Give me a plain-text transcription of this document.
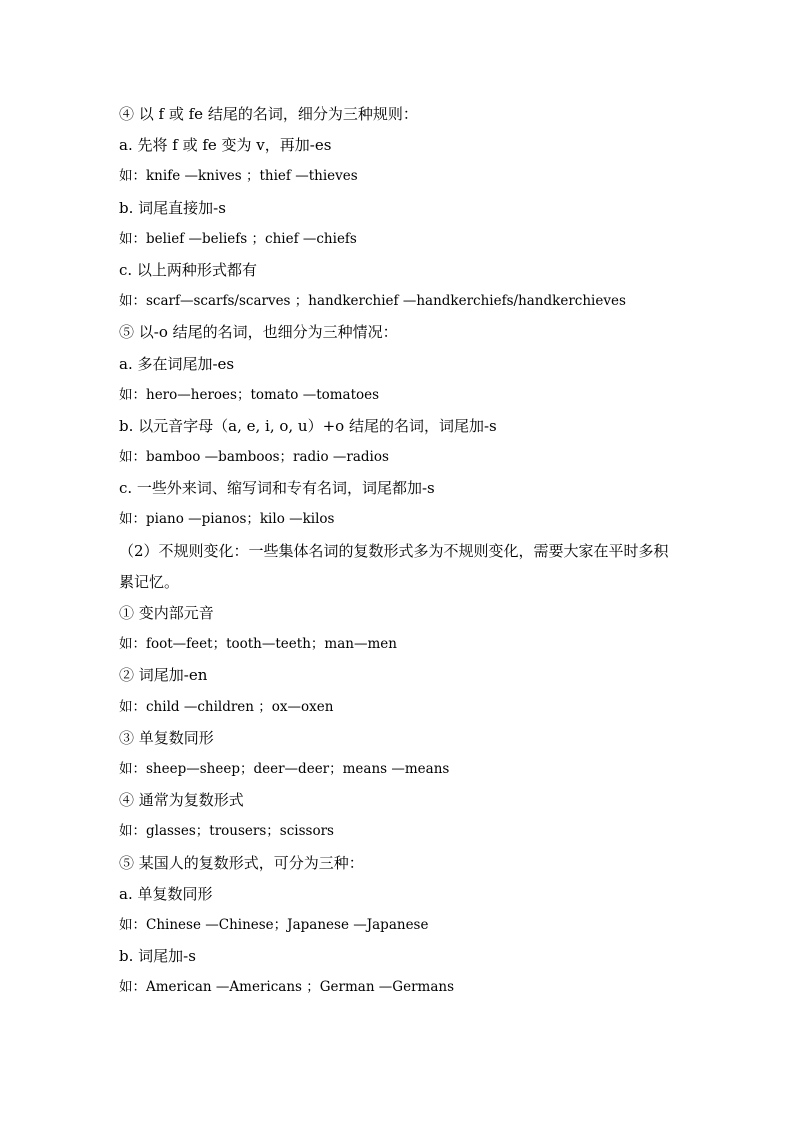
④ 以 f 或 fe 结尾的名词，细分为三种规则：
a. 先将 f 或 fe 变为 v，再加-es
如：knife —knives ；thief —thieves
b. 词尾直接加-s
如：belief —beliefs ；chief —chiefs
c. 以上两种形式都有
如：scarf—scarfs/scarves ；handkerchief —handkerchiefs/handkerchieves
⑤ 以-o 结尾的名词，也细分为三种情况：
a. 多在词尾加-es
如：hero—heroes；tomato —tomatoes
b. 以元音字母（a, e, i, o, u）+o 结尾的名词，词尾加-s
如：bamboo —bamboos；radio —radios
c. 一些外来词、缩写词和专有名词，词尾都加-s
如：piano —pianos；kilo —kilos
（2）不规则变化：一些集体名词的复数形式多为不规则变化，需要大家在平时多积累记忆。
① 变内部元音
如：foot—feet；tooth—teeth；man—men
② 词尾加-en
如：child —children ；ox—oxen
③ 单复数同形
如：sheep—sheep；deer—deer；means —means
④ 通常为复数形式
如：glasses；trousers；scissors
⑤ 某国人的复数形式，可分为三种：
a. 单复数同形
如：Chinese —Chinese；Japanese —Japanese
b. 词尾加-s
如：American —Americans ；German —Germans
